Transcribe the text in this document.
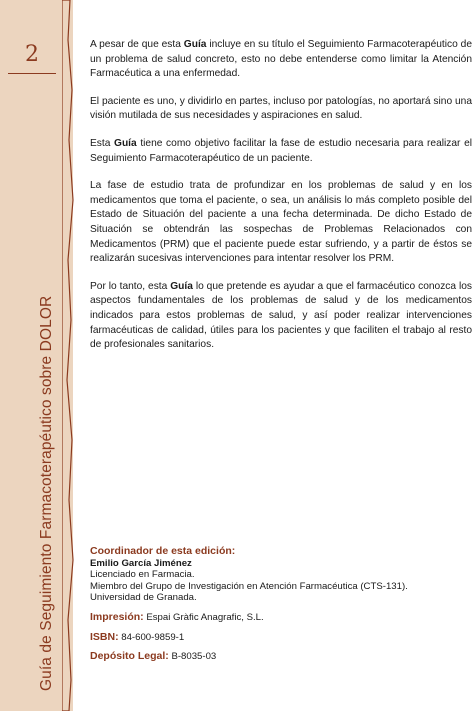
2
Guía de Seguimiento Farmacoterapéutico sobre DOLOR

A pesar de que esta Guía incluye en su título el Seguimiento Farmacoterapéutico de un problema de salud concreto, esto no debe entenderse como limitar la Atención Farmacéutica a una enfermedad.

El paciente es uno, y dividirlo en partes, incluso por patologías, no aportará sino una visión mutilada de sus necesidades y aspiraciones en salud.

Esta Guía tiene como objetivo facilitar la fase de estudio necesaria para realizar el Seguimiento Farmacoterapéutico de un paciente.

La fase de estudio trata de profundizar en los problemas de salud y en los medicamentos que toma el paciente, o sea, un análisis lo más completo posible del Estado de Situación del paciente a una fecha determinada. De dicho Estado de Situación se obtendrán las sospechas de Problemas Relacionados con Medicamentos (PRM) que el paciente puede estar sufriendo, y a partir de éstos se realizarán sucesivas intervenciones para intentar resolver los PRM.

Por lo tanto, esta Guía lo que pretende es ayudar a que el farmacéutico conozca los aspectos fundamentales de los problemas de salud y de los medicamentos indicados para estos problemas de salud, y así poder realizar intervenciones farmacéuticas de calidad, útiles para los pacientes y que faciliten el trabajo al resto de profesionales sanitarios.

Coordinador de esta edición:
Emilio García Jiménez
Licenciado en Farmacia.
Miembro del Grupo de Investigación en Atención Farmacéutica (CTS-131).
Universidad de Granada.
Impresión: Espai Gràfic Anagrafic, S.L.
ISBN: 84-600-9859-1
Depósito Legal: B-8035-03
